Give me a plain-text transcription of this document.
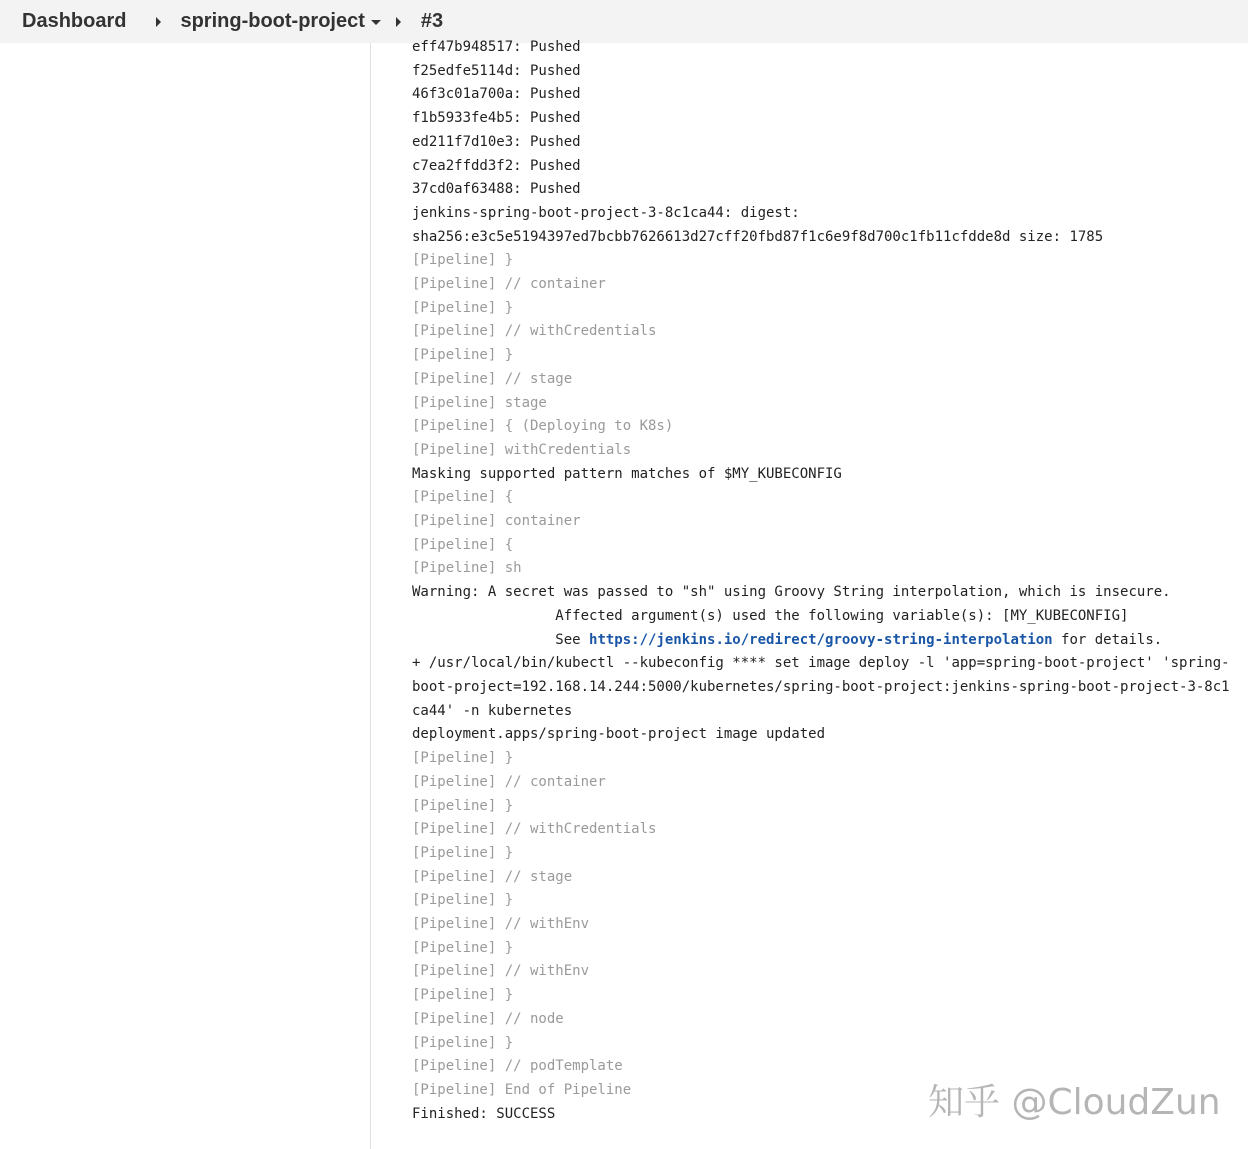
Dashboard	spring-boot-project	#3
eff47b948517: Pushed
f25edfe5114d: Pushed
46f3c01a700a: Pushed
f1b5933fe4b5: Pushed
ed211f7d10e3: Pushed
c7ea2ffdd3f2: Pushed
37cd0af63488: Pushed
jenkins-spring-boot-project-3-8c1ca44: digest:
sha256:e3c5e5194397ed7bcbb7626613d27cff20fbd87f1c6e9f8d700c1fb11cfdde8d size: 1785
[Pipeline] }
[Pipeline] // container
[Pipeline] }
[Pipeline] // withCredentials
[Pipeline] }
[Pipeline] // stage
[Pipeline] stage
[Pipeline] { (Deploying to K8s)
[Pipeline] withCredentials
Masking supported pattern matches of $MY_KUBECONFIG
[Pipeline] {
[Pipeline] container
[Pipeline] {
[Pipeline] sh
Warning: A secret was passed to "sh" using Groovy String interpolation, which is insecure.
		Affected argument(s) used the following variable(s): [MY_KUBECONFIG]
		See https://jenkins.io/redirect/groovy-string-interpolation for details.
+ /usr/local/bin/kubectl --kubeconfig **** set image deploy -l 'app=spring-boot-project' 'spring-boot-project=192.168.14.244:5000/kubernetes/spring-boot-project:jenkins-spring-boot-project-3-8c1ca44' -n kubernetes
deployment.apps/spring-boot-project image updated
[Pipeline] }
[Pipeline] // container
[Pipeline] }
[Pipeline] // withCredentials
[Pipeline] }
[Pipeline] // stage
[Pipeline] }
[Pipeline] // withEnv
[Pipeline] }
[Pipeline] // withEnv
[Pipeline] }
[Pipeline] // node
[Pipeline] }
[Pipeline] // podTemplate
[Pipeline] End of Pipeline
Finished: SUCCESS	知乎 @CloudZun
